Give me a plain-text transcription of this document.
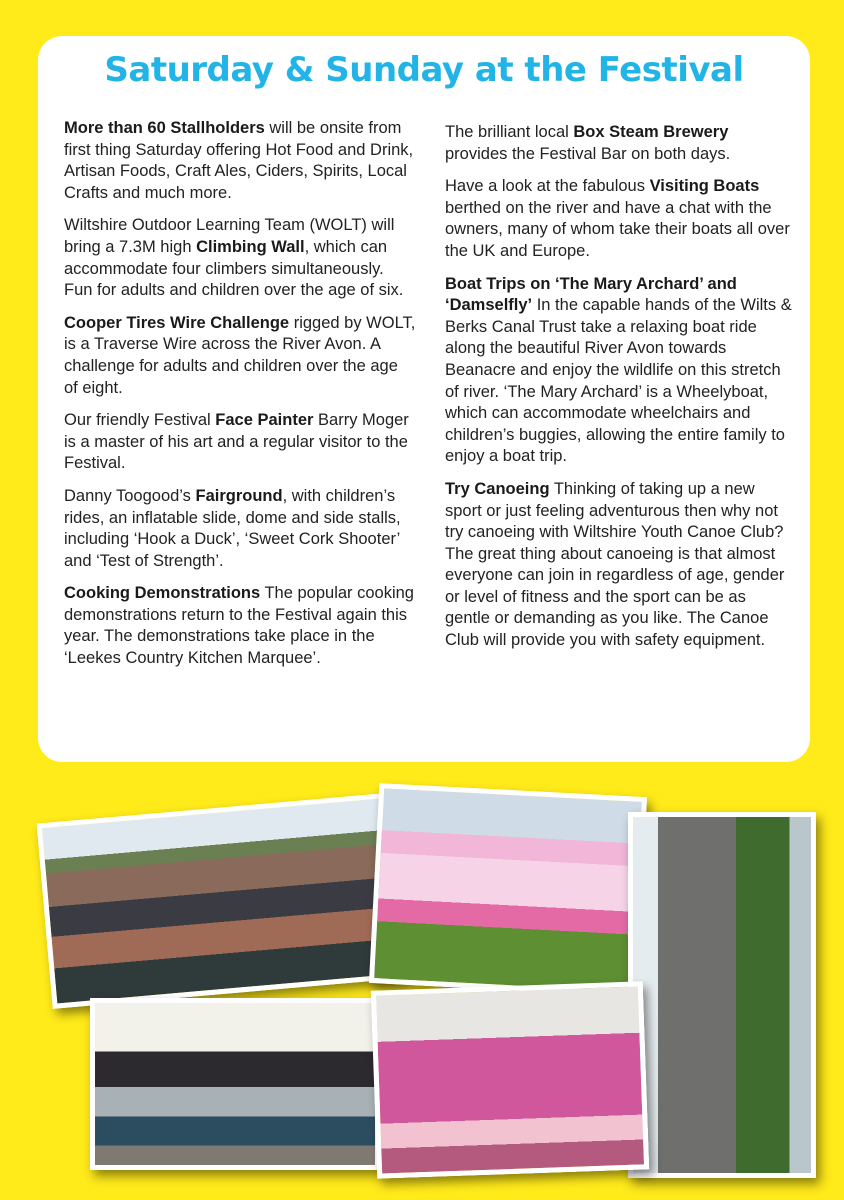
Saturday & Sunday at the Festival

More than 60 Stallholders will be onsite from first thing Saturday offering Hot Food and Drink, Artisan Foods, Craft Ales, Ciders, Spirits, Local Crafts and much more.

Wiltshire Outdoor Learning Team (WOLT) will bring a 7.3M high Climbing Wall, which can accommodate four climbers simultaneously. Fun for adults and children over the age of six.

Cooper Tires Wire Challenge rigged by WOLT, is a Traverse Wire across the River Avon. A challenge for adults and children over the age of eight.

Our friendly Festival Face Painter Barry Moger is a master of his art and a regular visitor to the Festival.

Danny Toogood’s Fairground, with children’s rides, an inflatable slide, dome and side stalls, including ‘Hook a Duck’, ‘Sweet Cork Shooter’ and ‘Test of Strength’.

Cooking Demonstrations The popular cooking demonstrations return to the Festival again this year. The demonstrations take place in the ‘Leekes Country Kitchen Marquee’.

The brilliant local Box Steam Brewery provides the Festival Bar on both days.

Have a look at the fabulous Visiting Boats berthed on the river and have a chat with the owners, many of whom take their boats all over the UK and Europe.

Boat Trips on ‘The Mary Archard’ and ‘Damselfly’ In the capable hands of the Wilts & Berks Canal Trust take a relaxing boat ride along the beautiful River Avon towards Beanacre and enjoy the wildlife on this stretch of river. ‘The Mary Archard’ is a Wheelyboat, which can accommodate wheelchairs and children’s buggies, allowing the entire family to enjoy a boat trip.

Try Canoeing Thinking of taking up a new sport or just feeling adventurous then why not try canoeing with Wiltshire Youth Canoe Club? The great thing about canoeing is that almost everyone can join in regardless of age, gender or level of fitness and the sport can be as gentle or demanding as you like. The Canoe Club will provide you with safety equipment.
